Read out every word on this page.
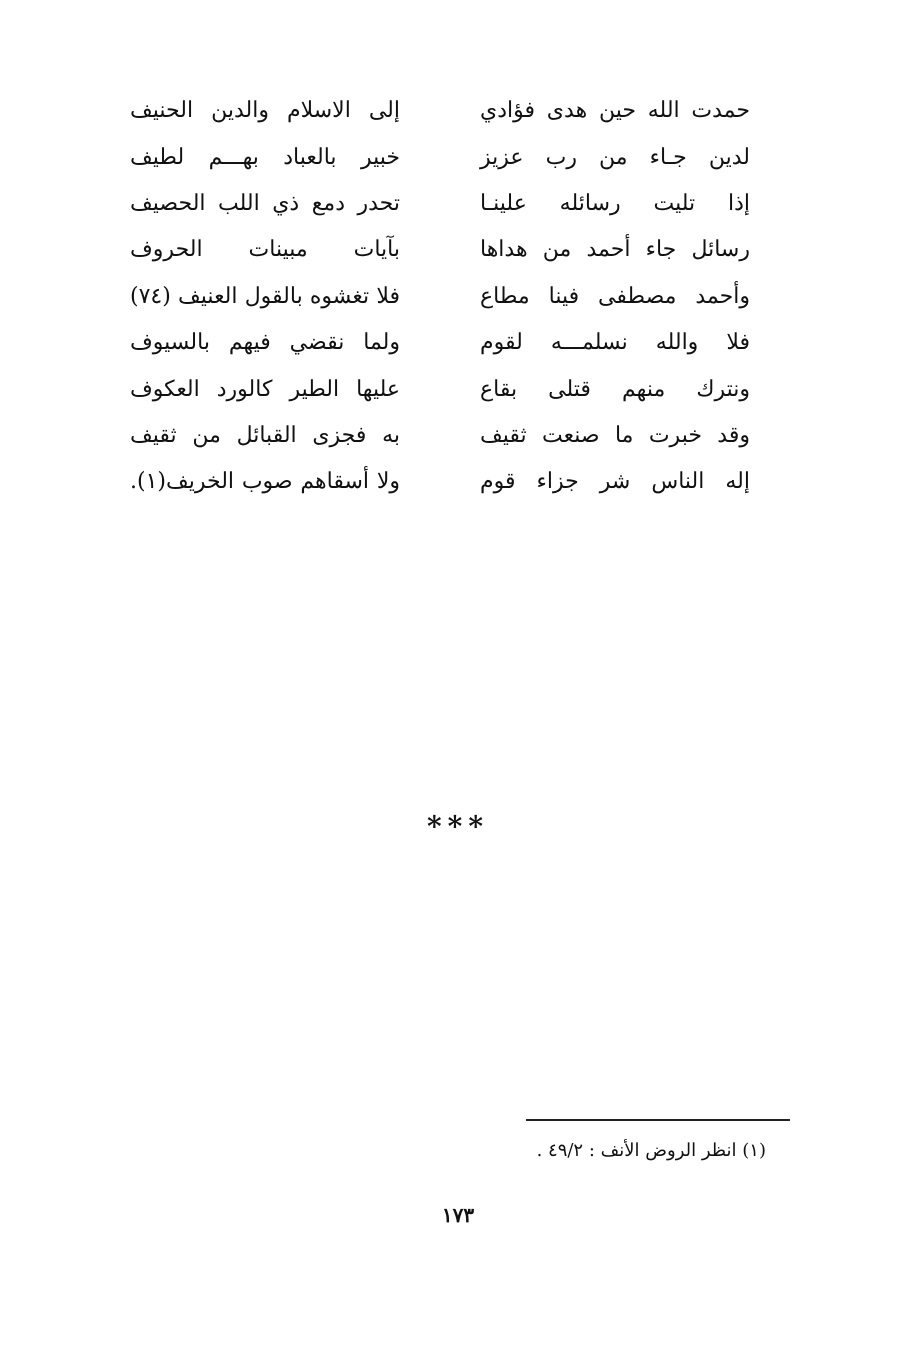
حمدت الله حين هدى فؤادي
إلى الاسلام والدين الحنيف
لدين جـاء من رب عزيز
خبير بالعباد بهـــم لطيف
إذا تليت رسائله علينـا
تحدر دمع ذي اللب الحصيف
رسائل جاء أحمد من هداها
بآيات مبينات الحروف
وأحمد مصطفى فينا مطاع
فلا تغشوه بالقول العنيف (٧٤)
فلا والله نسلمـــه لقوم
ولما نقضي فيهم بالسيوف
ونترك منهم قتلى بقاع
عليها الطير كالورد العكوف
وقد خبرت ما صنعت ثقيف
به فجزى القبائل من ثقيف
إله الناس شر جزاء قوم
ولا أسقاهم صوب الخريف(١).
***
(١) انظر الروض الأنف : ٤٩/٢ .
١٧٣
